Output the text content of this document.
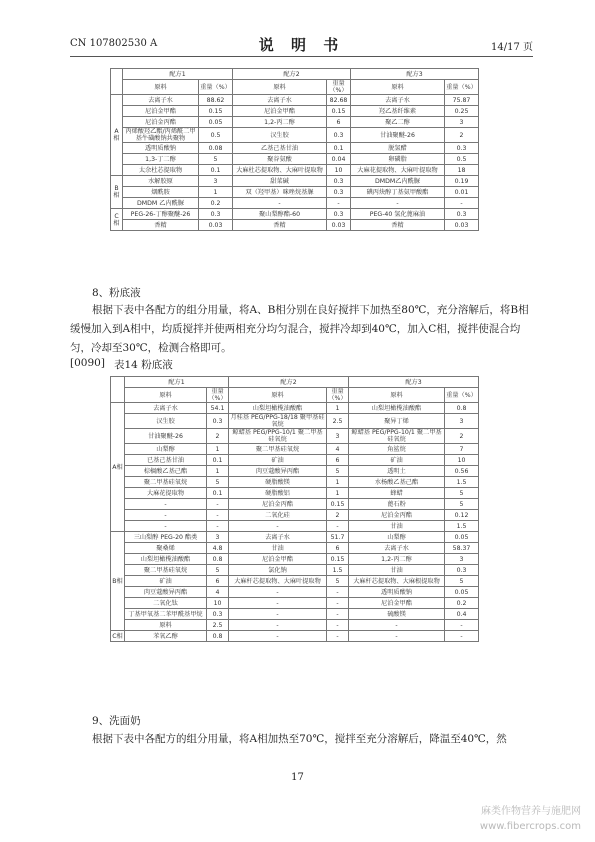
CN 107802530 A	说 明 书	14/17 页
	配方1		配方2		配方3	
	原料	重量（%）	原料	重量（%）	原料	重量（%）
A相	去离子水	88.62	去离子水	82.68	去离子水	75.87
	尼泊金甲酯	0.15	尼泊金甲酯	0.15	羟乙基纤维素	0.25
	尼泊金丙酯	0.05	1,2-丙二醇	6	聚乙二醇	3
	丙烯酸羟乙酯/丙烯酰二甲基牛磺酸钠共聚物	0.5	汉生胶	0.3	甘油聚醚-26	2
	透明质酸钠	0.08	乙基己基甘油	0.1	脱氢醋	0.3
	1,3-丁二醇	5	聚谷氨酸	0.04	卵磷脂	0.5
	太余杜芯提取物	0.1	大麻杜芯提取物、大麻叶提取物	10	大麻花提取物、大麻叶提取物	18
B相	水解胶原	3	甜菜碱	0.3	DMDM乙内酰脲	0.19
	烟酰胺	1	双（羟甲基）咪唑烷基脲	0.3	碘丙炔醇丁基氨甲酸酯	0.01
	DMDM 乙内酰脲	0.2	-	-	-	-
C相	PEG-26-丁醇聚醚-26	0.3	聚山梨醇酯-60	0.3	PEG-40 氢化蓖麻油	0.3
	香精	0.03	香精	0.03	香精	0.03
8、粉底液
根据下表中各配方的组分用量，将A、B相分别在良好搅拌下加热至80℃，充分溶解后，将B相缓慢加入到A相中，均质搅拌并使两相充分均匀混合，搅拌冷却到40℃，加入C相，搅拌使混合均匀，冷却至30℃，检测合格即可。
[0090] 表14 粉底液
	配方1		配方2		配方3	
	原料	重量（%）	原料	重量（%）	原料	重量（%）
A相	去离子水	54.1	山梨坦橄榄油酸酯	1	山梨坦橄榄油酸酯	0.8
	汉生胶	0.3	月桂基 PEG/PPG-18/18 聚甲基硅氧烷	2.5	聚异丁烯	3
	甘油聚醚-26	2	鲸蜡基 PEG/PPG-10/1 聚二甲基硅氧烷	3	鲸蜡基 PEG/PPG-10/1 聚二甲基硅氧烷	2
	山梨醇	1	聚二甲基硅氧烷	4	角鲨烷	7
	已基己基甘油	0.1	矿油	6	矿油	10
	棕榈酸乙基己酯	1	肉豆蔻酸异丙酯	5	透明土	0.56
	聚二甲基硅氧烷	5	硬脂酸镁	1	水杨酸乙基己酯	1.5
	大麻花提取物	0.1	硬脂酸铝	1	蜂蜡	5
	-	-	尼泊金丙酯	0.15	蓖石粉	5
	-	-	二氧化硅	2	尼泊金丙酯	0.12
	-	-	-	-	甘油	1.5
B相	三山梨醇 PEG-20 酯类	3	去离子水	51.7	山梨醇	0.05
	聚桑烯	4.8	甘油	6	去离子水	58.37
	山梨坦橄榄油酸酯	0.8	尼泊金甲酯	0.15	1,2-丙二醇	3
	聚二甲基硅氧烷	5	氯化钠	1.5	甘油	0.3
	矿油	6	大麻杆芯提取物、大麻叶提取物	5	大麻杆芯提取物、大麻根提取物	5
	肉豆蔻酸异丙酯	4	-	-	透明质酸钠	0.05
	二氧化钛	10	-	-	尼泊金甲酯	0.2
	丁基甲氧基二苯甲酰基甲烷	0.3	-	-	硫酸镁	0.4
	原料	2.5	-	-	-	-
C相	苯氧乙醇	0.8	-	-	-	-
9、洗面奶
根据下表中各配方的组分用量，将A相加热至70℃，搅拌至充分溶解后，降温至40℃，然
17
麻类作物营养与施肥网
www.fibercrops.com
